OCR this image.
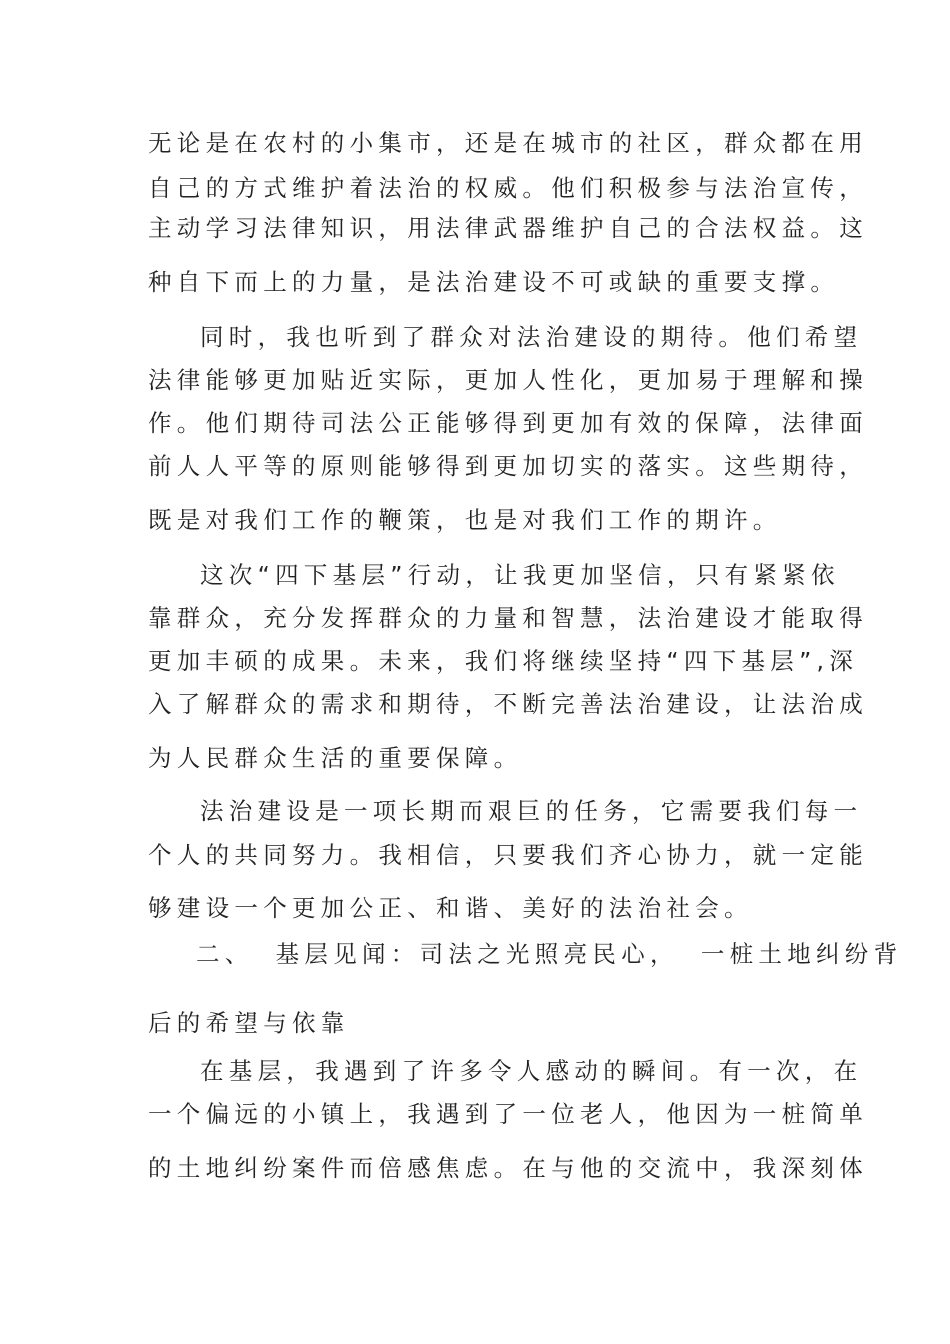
无论是在农村的小集市，还是在城市的社区，群众都在用
自己的方式维护着法治的权威。他们积极参与法治宣传，
主动学习法律知识，用法律武器维护自己的合法权益。这
种自下而上的力量，是法治建设不可或缺的重要支撑。
同时，我也听到了群众对法治建设的期待。他们希望
法律能够更加贴近实际，更加人性化，更加易于理解和操
作。他们期待司法公正能够得到更加有效的保障，法律面
前人人平等的原则能够得到更加切实的落实。这些期待，
既是对我们工作的鞭策，也是对我们工作的期许。
这次“四下基层”行动，让我更加坚信，只有紧紧依
靠群众，充分发挥群众的力量和智慧，法治建设才能取得
更加丰硕的成果。未来，我们将继续坚持“四下基层”,深
入了解群众的需求和期待，不断完善法治建设，让法治成
为人民群众生活的重要保障。
法治建设是一项长期而艰巨的任务，它需要我们每一
个人的共同努力。我相信，只要我们齐心协力，就一定能
够建设一个更加公正、和谐、美好的法治社会。
二、 基层见闻：司法之光照亮民心， 一桩土地纠纷背
后的希望与依靠
在基层，我遇到了许多令人感动的瞬间。有一次，在
一个偏远的小镇上，我遇到了一位老人，他因为一桩简单
的土地纠纷案件而倍感焦虑。在与他的交流中，我深刻体
